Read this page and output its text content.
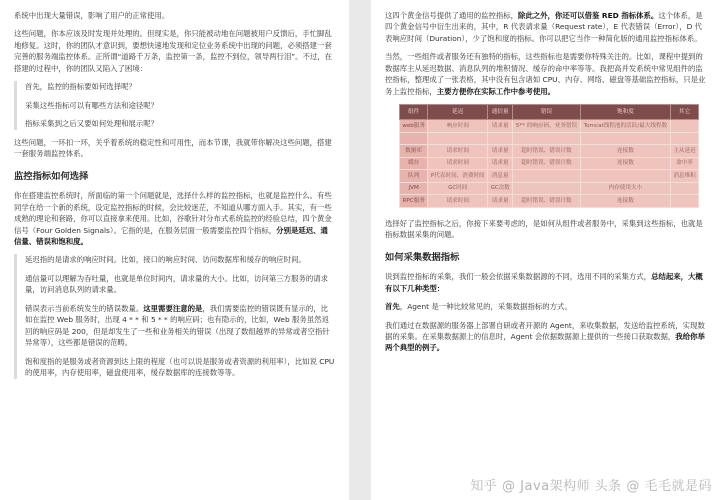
系统中出现大量错误，影响了用户的正常使用。

这些问题，你本应该及时发现并处理的。但现实是，你只能被动地在问题被用户反馈后，手忙脚乱地修复。这时，你的团队才意识到，要想快速地发现和定位业务系统中出现的问题，必须搭建一套完善的服务端监控体系。正所谓“道路千万条，监控第一条，监控不到位，领导两行泪”。不过，在搭建的过程中，你的团队又陷入了困境：

首先，监控的指标要如何选择呢？

采集这些指标可以有哪些方法和途径呢？

指标采集到之后又要如何处理和展示呢？

这些问题，一环扣一环，关乎着系统的稳定性和可用性，而本节课，我就带你解决这些问题，搭建一套服务端监控体系。

监控指标如何选择

你在搭建监控系统时，所面临的第一个问题就是，选择什么样的监控指标，也就是监控什么。有些同学在给一个新的系统，设定监控指标的时候，会比较迷茫，不知道从哪方面入手。其实，有一些成熟的理论和套路，你可以直接拿来使用。比如，谷歌针对分布式系统监控的经验总结，四个黄金信号（Four Golden Signals）。它指的是，在服务层面一般需要监控四个指标，分别是延迟、通信量、错误和饱和度。

延迟指的是请求的响应时间。比如，接口的响应时间、访问数据库和缓存的响应时间。

通信量可以理解为吞吐量，也就是单位时间内，请求量的大小。比如，访问第三方服务的请求量，访问消息队列的请求量。

错误表示当前系统发生的错误数量。这里需要注意的是，我们需要监控的错误既有显示的，比如在监控 Web 服务时，出现 4 * * 和 5 * * 的响应码；也有隐示的，比如，Web 服务虽然返回的响应码是 200，但是却发生了一些和业务相关的错误（出现了数组越界的异常或者空指针异常等），这些都是错误的范畴。

饱和度指的是服务或者资源到达上限的程度（也可以说是服务或者资源的利用率），比如说 CPU 的使用率，内存使用率，磁盘使用率，缓存数据库的连接数等等。

这四个黄金信号提供了通用的监控指标，除此之外，你还可以借鉴 RED 指标体系。这个体系，是四个黄金信号中衍生出来的，其中，R 代表请求量（Request rate），E 代表错误（Error），D 代表响应时间（Duration），少了饱和度的指标。你可以把它当作一种简化版的通用监控指标体系。

当然，一些组件或者服务还有独特的指标，这些指标也是需要你特殊关注的。比如，课程中提到的数据库主从延迟数据、消息队列的堆积情况、缓存的命中率等等。我把高并发系统中常见组件的监控指标，整理成了一张表格，其中没有包含诸如 CPU、内存、网络、磁盘等基础监控指标，只是业务上监控指标，主要方便你在实际工作中参考使用。

组件	延迟	通信量	错误	饱和度	其它
web服务	响应时间	请求量	5** 的响应码，业务错误	Tomcat线程池的活跃/最大线程数	

数据库	请求时间	请求量	超时错误、错误计数	连接数	主从延迟
缓存	请求时间	请求量	超时错误、错误计数	连接数	命中率
队列	P代表时间、消费时间	消息量			消息堆积
JVM	GC时间	GC次数		内存使用大小	
RPC服务	请求时间	请求量	超时错误、错误计数	连接数	

选择好了监控指标之后，你接下来要考虑的，是如何从组件或者服务中，采集到这些指标，也就是指标数据采集的问题。

如何采集数据指标

说到监控指标的采集，我们一般会依据采集数据源的不同，选用不同的采集方式，总结起来，大概有以下几种类型：

首先，Agent 是一种比较常见的，采集数据指标的方式。

我们通过在数据源的服务器上部署自研或者开源的 Agent，来收集数据，发送给监控系统，实现数据的采集。在采集数据源上的信息时，Agent 会依据数据源上提供的一些接口获取数据，我给你举两个典型的例子。

知乎 @ Java架构师 头条 @ 毛毛就是码
